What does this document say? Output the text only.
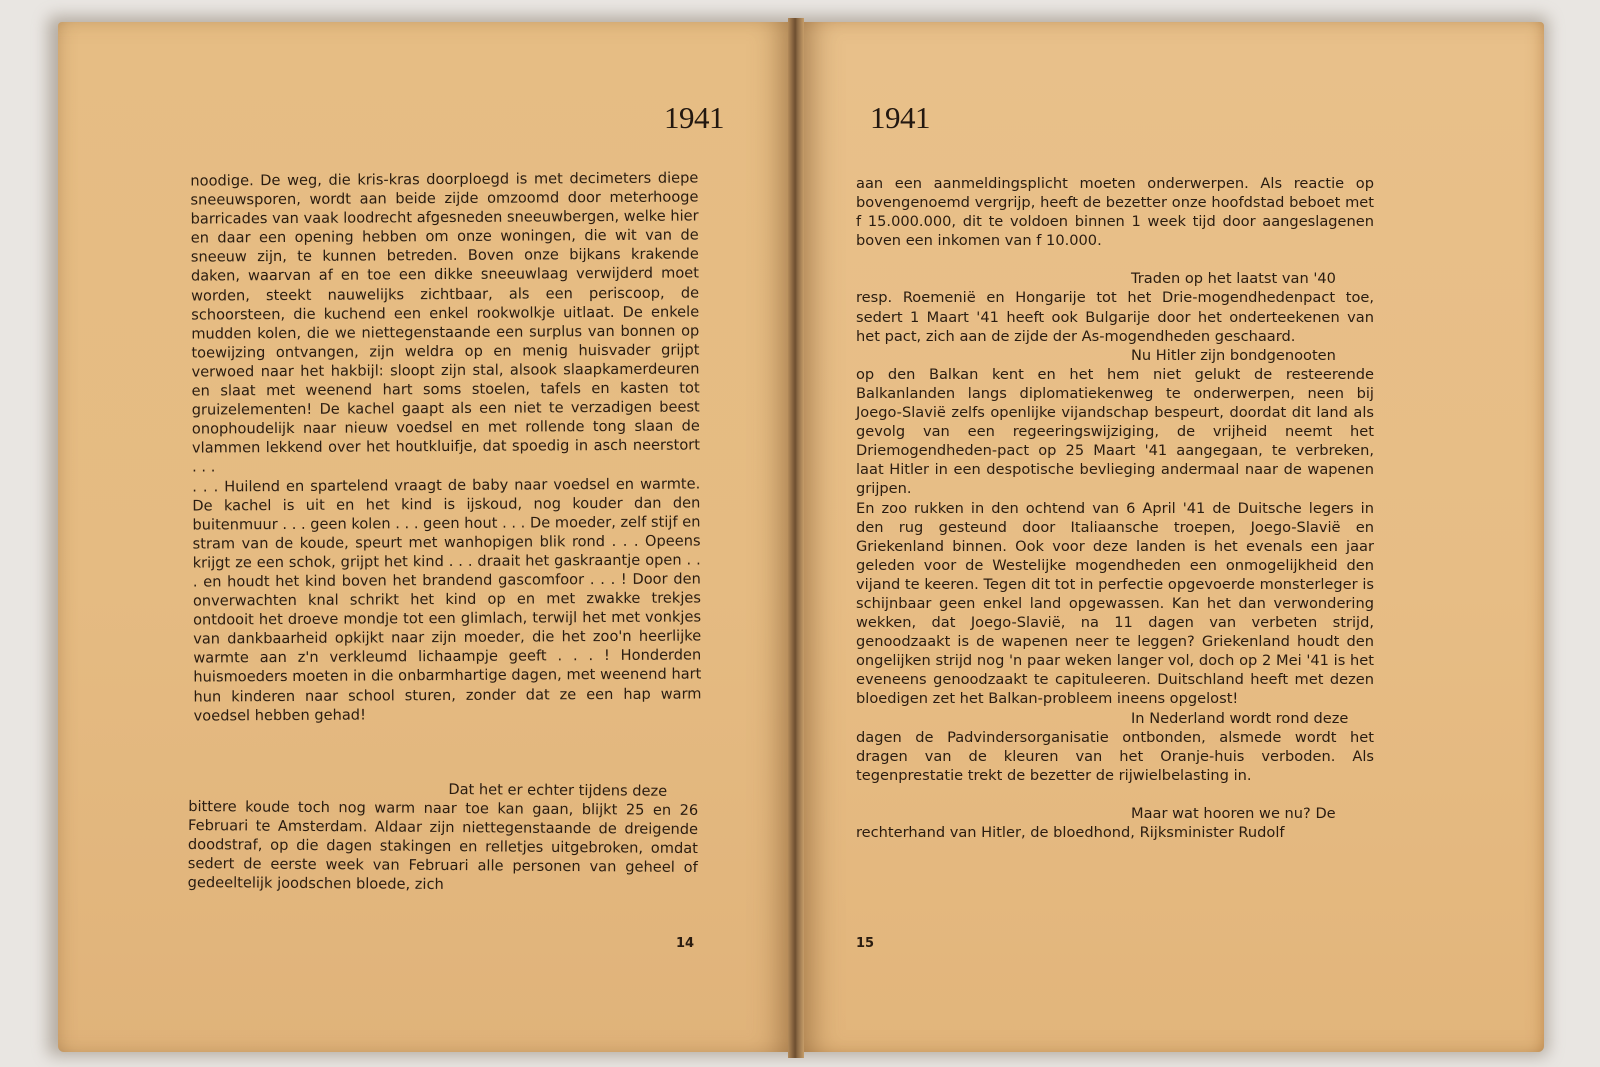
1941

noodige. De weg, die kris-kras doorploegd is met decimeters diepe sneeuwsporen, wordt aan beide zijde omzoomd door meterhooge barricades van vaak loodrecht afgesneden sneeuwbergen, welke hier en daar een opening hebben om onze woningen, die wit van de sneeuw zijn, te kunnen betreden. Boven onze bijkans krakende daken, waarvan af en toe een dikke sneeuwlaag verwijderd moet worden, steekt nauwelijks zichtbaar, als een periscoop, de schoorsteen, die kuchend een enkel rookwolkje uitlaat. De enkele mudden kolen, die we niettegenstaande een surplus van bonnen op toewijzing ontvangen, zijn weldra op en menig huisvader grijpt verwoed naar het hakbijl: sloopt zijn stal, alsook slaapkamerdeuren en slaat met weenend hart soms stoelen, tafels en kasten tot gruizelementen! De kachel gaapt als een niet te verzadigen beest onophoudelijk naar nieuw voedsel en met rollende tong slaan de vlammen lekkend over het houtkluifje, dat spoedig in asch neerstort . . .

. . . Huilend en spartelend vraagt de baby naar voedsel en warmte. De kachel is uit en het kind is ijskoud, nog kouder dan den buitenmuur . . . geen kolen . . . geen hout . . . De moeder, zelf stijf en stram van de koude, speurt met wanhopigen blik rond . . . Opeens krijgt ze een schok, grijpt het kind . . . draait het gaskraantje open . . . en houdt het kind boven het brandend gascomfoor . . . ! Door den onverwachten knal schrikt het kind op en met zwakke trekjes ontdooit het droeve mondje tot een glimlach, terwijl het met vonkjes van dankbaarheid opkijkt naar zijn moeder, die het zoo'n heerlijke warmte aan z'n verkleumd lichaampje geeft . . . ! Honderden huismoeders moeten in die onbarmhartige dagen, met weenend hart hun kinderen naar school sturen, zonder dat ze een hap warm voedsel hebben gehad!

Dat het er echter tijdens deze

bittere koude toch nog warm naar toe kan gaan, blijkt 25 en 26 Februari te Amsterdam. Aldaar zijn niettegenstaande de dreigende doodstraf, op die dagen stakingen en relletjes uitgebroken, omdat sedert de eerste week van Februari alle personen van geheel of gedeeltelijk joodschen bloede, zich

14
1941

aan een aanmeldingsplicht moeten onderwerpen. Als reactie op bovengenoemd vergrijp, heeft de bezetter onze hoofdstad beboet met f 15.000.000, dit te voldoen binnen 1 week tijd door aangeslagenen boven een inkomen van f 10.000.

Traden op het laatst van '40

resp. Roemenië en Hongarije tot het Drie-mogendhedenpact toe, sedert 1 Maart '41 heeft ook Bulgarije door het onderteekenen van het pact, zich aan de zijde der As-mogendheden geschaard.

Nu Hitler zijn bondgenooten

op den Balkan kent en het hem niet gelukt de resteerende Balkanlanden langs diplomatiekenweg te onderwerpen, neen bij Joego-Slavië zelfs openlijke vijandschap bespeurt, doordat dit land als gevolg van een regeeringswijziging, de vrijheid neemt het Driemogendheden-pact op 25 Maart '41 aangegaan, te verbreken, laat Hitler in een despotische bevlieging andermaal naar de wapenen grijpen.

En zoo rukken in den ochtend van 6 April '41 de Duitsche legers in den rug gesteund door Italiaansche troepen, Joego-Slavië en Griekenland binnen. Ook voor deze landen is het evenals een jaar geleden voor de Westelijke mogendheden een onmogelijkheid den vijand te keeren. Tegen dit tot in perfectie opgevoerde monsterleger is schijnbaar geen enkel land opgewassen. Kan het dan verwondering wekken, dat Joego-Slavië, na 11 dagen van verbeten strijd, genoodzaakt is de wapenen neer te leggen? Griekenland houdt den ongelijken strijd nog 'n paar weken langer vol, doch op 2 Mei '41 is het eveneens genoodzaakt te capituleeren. Duitschland heeft met dezen bloedigen zet het Balkan-probleem ineens opgelost!

In Nederland wordt rond deze

dagen de Padvindersorganisatie ontbonden, alsmede wordt het dragen van de kleuren van het Oranje-huis verboden. Als tegenprestatie trekt de bezetter de rijwielbelasting in.

Maar wat hooren we nu? De

rechterhand van Hitler, de bloedhond, Rijksminister Rudolf

15
